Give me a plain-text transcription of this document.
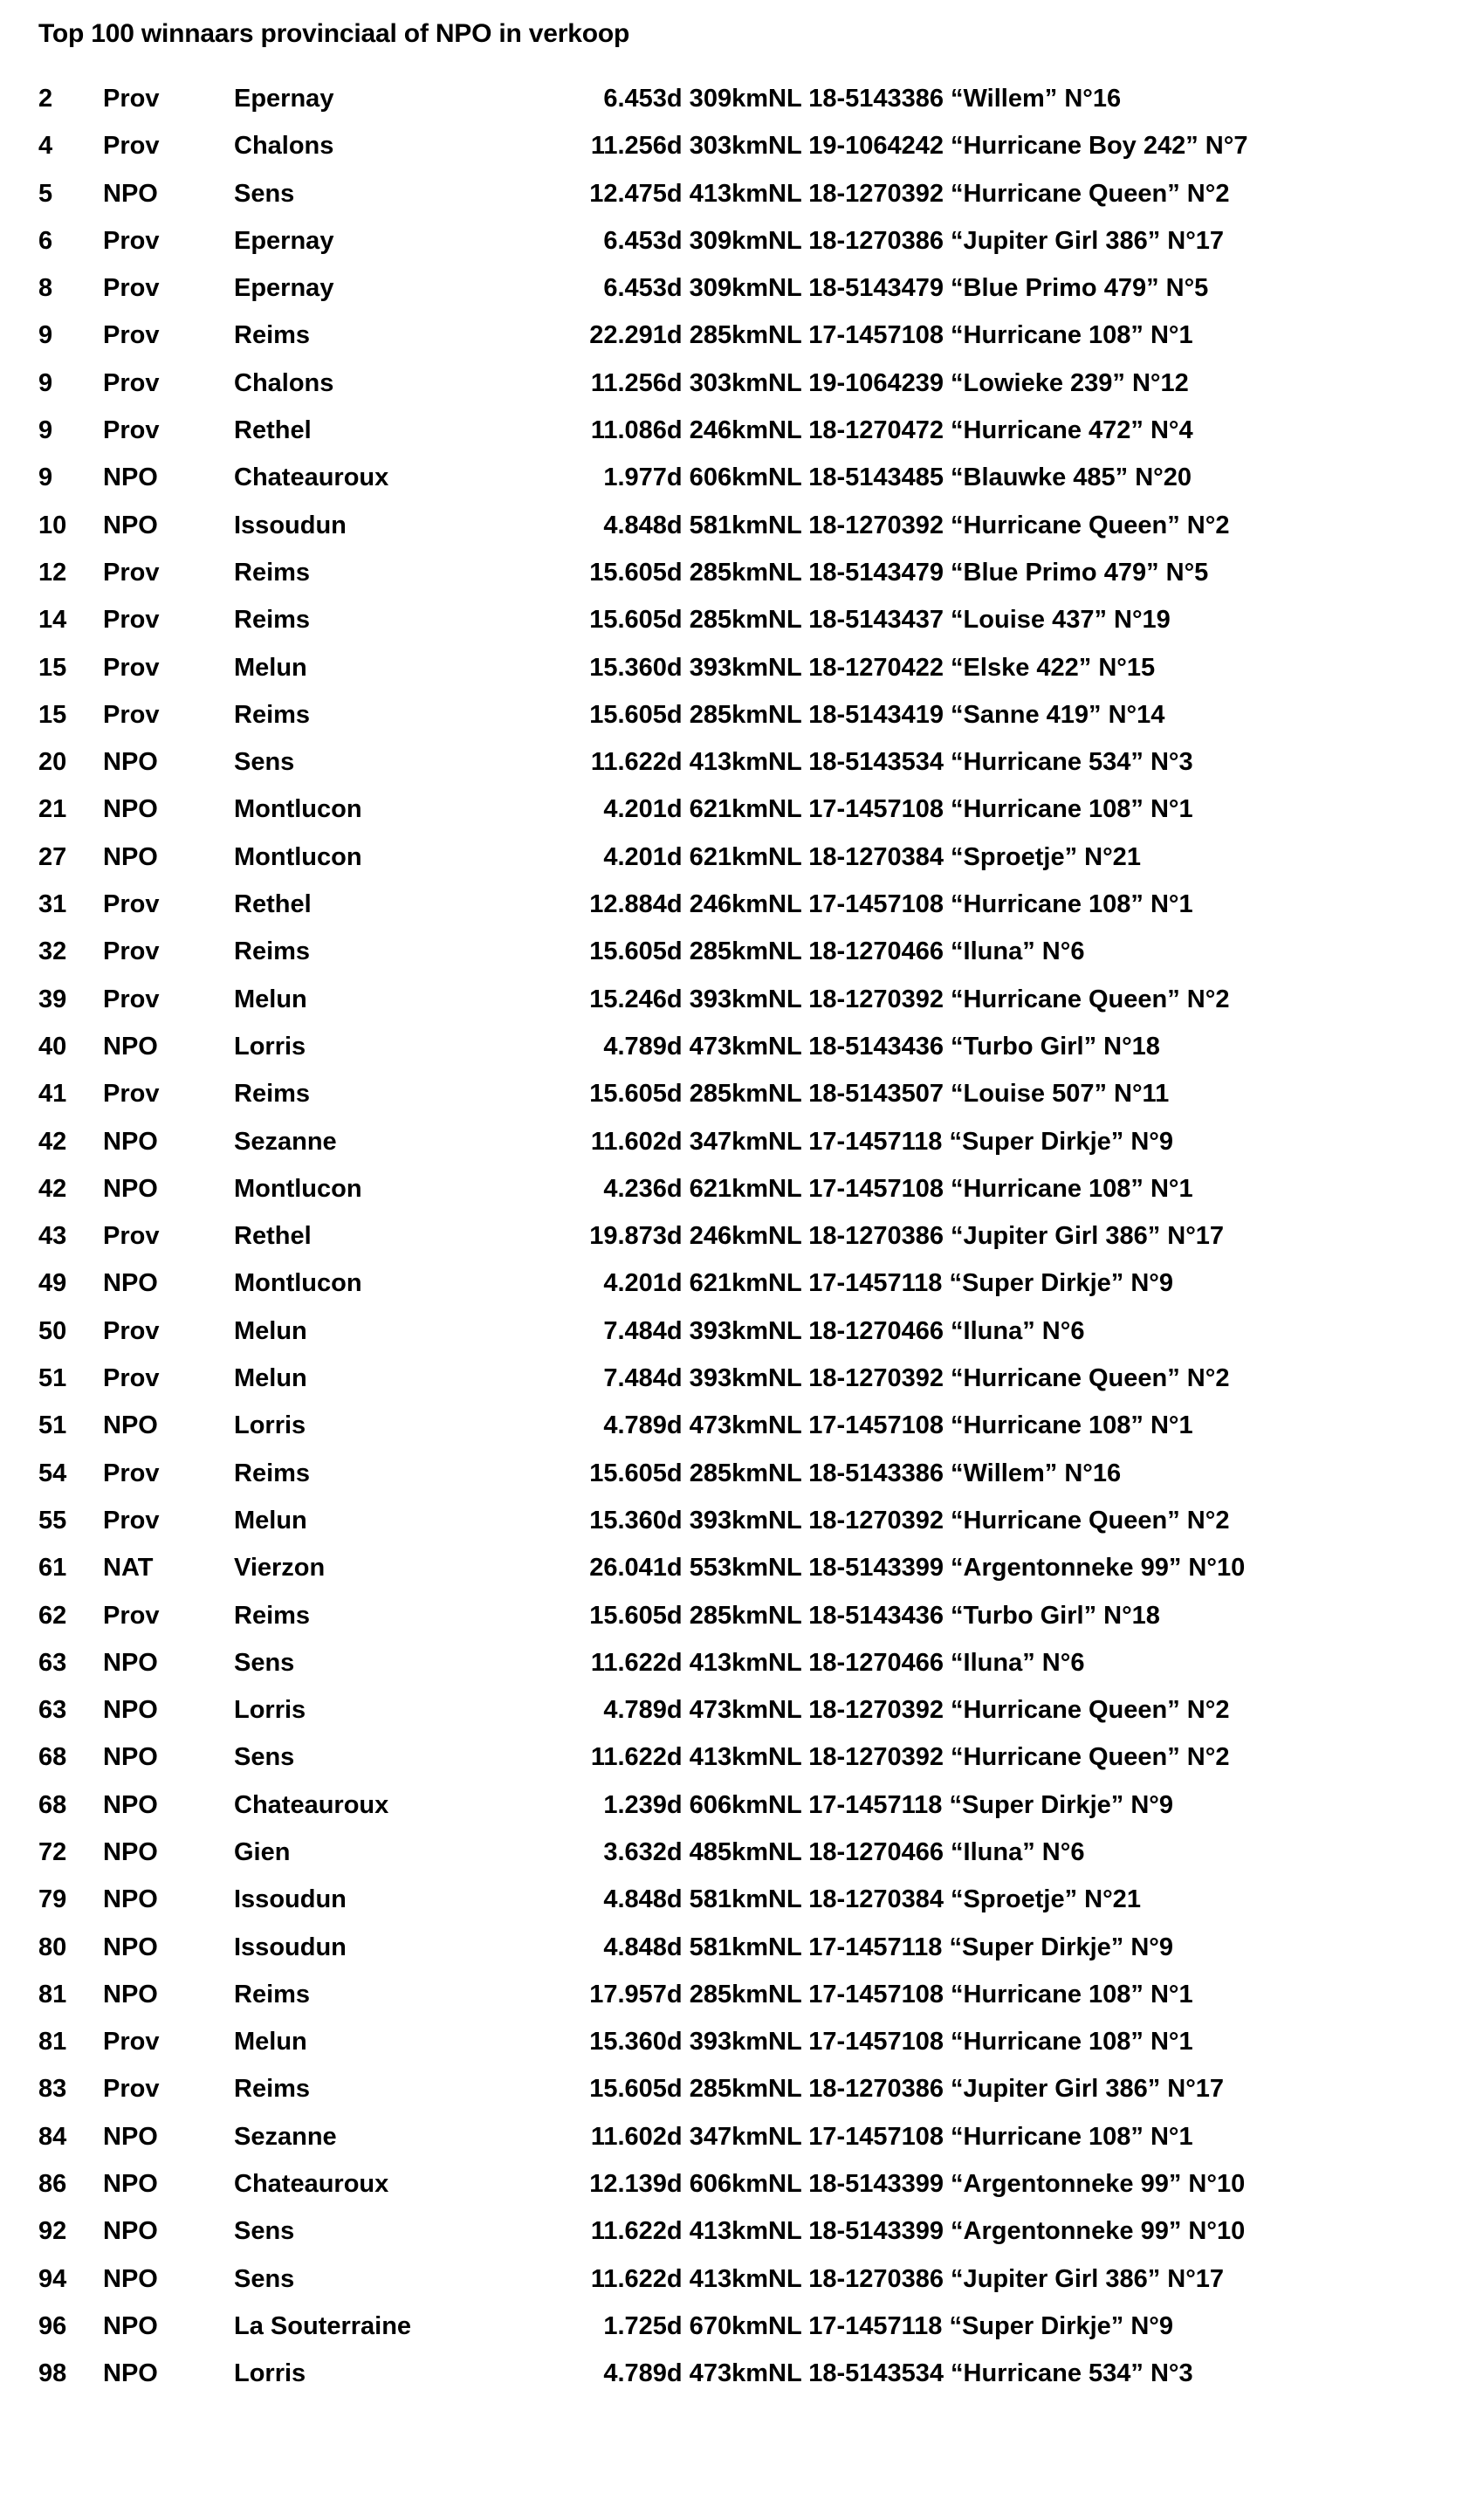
Top 100 winnaars provinciaal of NPO in verkoop
2	Prov	Epernay	6.453d 309km	NL 18-5143386 “Willem” N°16
4	Prov	Chalons	11.256d 303km	NL 19-1064242 “Hurricane Boy 242” N°7
5	NPO	Sens	12.475d 413km	NL 18-1270392 “Hurricane Queen” N°2
6	Prov	Epernay	6.453d 309km	NL 18-1270386 “Jupiter Girl 386” N°17
8	Prov	Epernay	6.453d 309km	NL 18-5143479 “Blue Primo 479” N°5
9	Prov	Reims	22.291d 285km	NL 17-1457108 “Hurricane 108” N°1
9	Prov	Chalons	11.256d 303km	NL 19-1064239 “Lowieke 239” N°12
9	Prov	Rethel	11.086d 246km	NL 18-1270472 “Hurricane 472” N°4
9	NPO	Chateauroux	1.977d 606km	NL 18-5143485 “Blauwke 485” N°20
10	NPO	Issoudun	4.848d 581km	NL 18-1270392 “Hurricane Queen” N°2
12	Prov	Reims	15.605d 285km	NL 18-5143479 “Blue Primo 479” N°5
14	Prov	Reims	15.605d 285km	NL 18-5143437 “Louise 437” N°19
15	Prov	Melun	15.360d 393km	NL 18-1270422 “Elske 422” N°15
15	Prov	Reims	15.605d 285km	NL 18-5143419 “Sanne 419” N°14
20	NPO	Sens	11.622d 413km	NL 18-5143534 “Hurricane 534” N°3
21	NPO	Montlucon	4.201d 621km	NL 17-1457108 “Hurricane 108” N°1
27	NPO	Montlucon	4.201d 621km	NL 18-1270384 “Sproetje” N°21
31	Prov	Rethel	12.884d 246km	NL 17-1457108 “Hurricane 108” N°1
32	Prov	Reims	15.605d 285km	NL 18-1270466 “Iluna” N°6
39	Prov	Melun	15.246d 393km	NL 18-1270392 “Hurricane Queen” N°2
40	NPO	Lorris	4.789d 473km	NL 18-5143436 “Turbo Girl” N°18
41	Prov	Reims	15.605d 285km	NL 18-5143507 “Louise 507” N°11
42	NPO	Sezanne	11.602d 347km	NL 17-1457118 “Super Dirkje” N°9
42	NPO	Montlucon	4.236d 621km	NL 17-1457108 “Hurricane 108” N°1
43	Prov	Rethel	19.873d 246km	NL 18-1270386 “Jupiter Girl 386” N°17
49	NPO	Montlucon	4.201d 621km	NL 17-1457118 “Super Dirkje” N°9
50	Prov	Melun	7.484d 393km	NL 18-1270466 “Iluna” N°6
51	Prov	Melun	7.484d 393km	NL 18-1270392 “Hurricane Queen” N°2
51	NPO	Lorris	4.789d 473km	NL 17-1457108 “Hurricane 108” N°1
54	Prov	Reims	15.605d 285km	NL 18-5143386 “Willem” N°16
55	Prov	Melun	15.360d 393km	NL 18-1270392 “Hurricane Queen” N°2
61	NAT	Vierzon	26.041d 553km	NL 18-5143399 “Argentonneke 99” N°10
62	Prov	Reims	15.605d 285km	NL 18-5143436 “Turbo Girl” N°18
63	NPO	Sens	11.622d 413km	NL 18-1270466 “Iluna” N°6
63	NPO	Lorris	4.789d 473km	NL 18-1270392 “Hurricane Queen” N°2
68	NPO	Sens	11.622d 413km	NL 18-1270392 “Hurricane Queen” N°2
68	NPO	Chateauroux	1.239d 606km	NL 17-1457118 “Super Dirkje” N°9
72	NPO	Gien	3.632d 485km	NL 18-1270466 “Iluna” N°6
79	NPO	Issoudun	4.848d 581km	NL 18-1270384 “Sproetje” N°21
80	NPO	Issoudun	4.848d 581km	NL 17-1457118 “Super Dirkje” N°9
81	NPO	Reims	17.957d 285km	NL 17-1457108 “Hurricane 108” N°1
81	Prov	Melun	15.360d 393km	NL 17-1457108 “Hurricane 108” N°1
83	Prov	Reims	15.605d 285km	NL 18-1270386 “Jupiter Girl 386” N°17
84	NPO	Sezanne	11.602d 347km	NL 17-1457108 “Hurricane 108” N°1
86	NPO	Chateauroux	12.139d 606km	NL 18-5143399 “Argentonneke 99” N°10
92	NPO	Sens	11.622d 413km	NL 18-5143399 “Argentonneke 99” N°10
94	NPO	Sens	11.622d 413km	NL 18-1270386 “Jupiter Girl 386” N°17
96	NPO	La Souterraine	1.725d 670km	NL 17-1457118 “Super Dirkje” N°9
98	NPO	Lorris	4.789d 473km	NL 18-5143534 “Hurricane 534” N°3
